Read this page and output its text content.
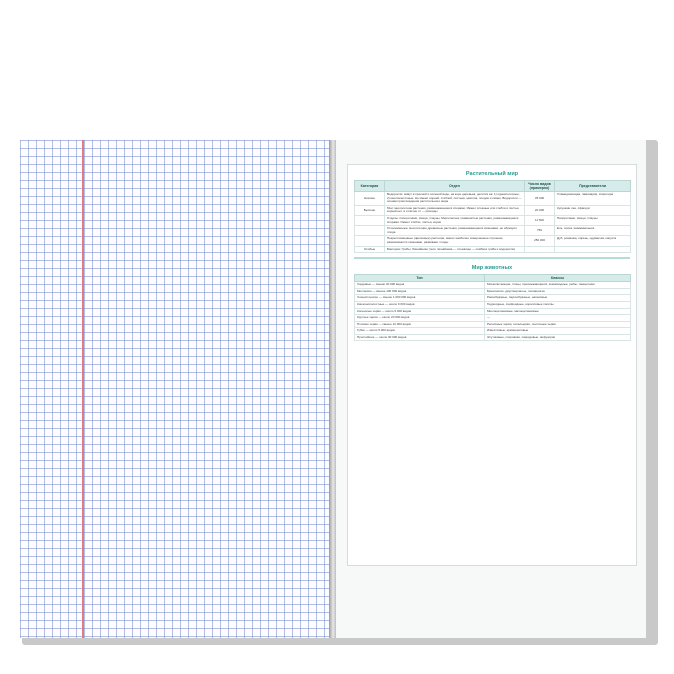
Растительный мир
Категория	Отдел	Число видов (примерно)	Представители
Низшие	Водоросли: живут в пресной и соленой воде, на коре деревьев, делятся на: 1) одноклеточные; 2) многоклеточные. Не имеют корней, стеблей, листьев, цветков, плодов и семян. Водоросли — основа происхождения растительного мира	35 000	Хламидомонада, ламинария, спирогира
Высшие	Мхи: многолетние растения, размножающиеся спорами. Имеют сложные или стебли и листья, корней нет, в отличие от — ризоиды	20 000	Кукушкин лен, сфагнум
	Отделы: папоротники, хвощи, плауны. Многолетние травянистые растения, размножающиеся спорами. Имеют стебли, листья, корни	11 500	Папоротники, хвощи, плауны
	Голосеменные: многолетние древесные растения, размножающиеся семенами, не образуют плода	750	Ель, сосна, можжевельник
	Покрытосеменные (цветковые) растения, имеют наиболее совершенное строение, размножаются семенами, развивают плоды	250 000	Дуб, ромашка, сирень, одуванчик, капуста
Особые	Бактерии; Грибы; Лишайники (тело лишайника — слоевище — симбиоз гриба и водоросли)		
Мир животных
Тип	Классы
Хордовые — свыше 40 000 видов	Млекопитающие, птицы, пресмыкающиеся, земноводные, рыбы, ланцетники
Моллюски — свыше 130 000 видов	Брюхоногие, двустворчатые, головоногие
Членистоногие — свыше 1 000 000 видов	Ракообразные, паукообразные, насекомые
Кишечнополостные — около 9 000 видов	Гидроидные, сцифоидные, коралловые полипы
Кольчатые черви — около 9 000 видов	Многощетинковые, малощетинковые
Круглые черви — около 20 000 видов	—
Плоские черви — свыше 12 000 видов	Ресничные черви, сосальщики, ленточные черви
Губки — около 5 000 видов	Известковые, кремнероговые
Простейшие — около 30 000 видов	Жгутиковые, споровики, саркодовые, инфузории
